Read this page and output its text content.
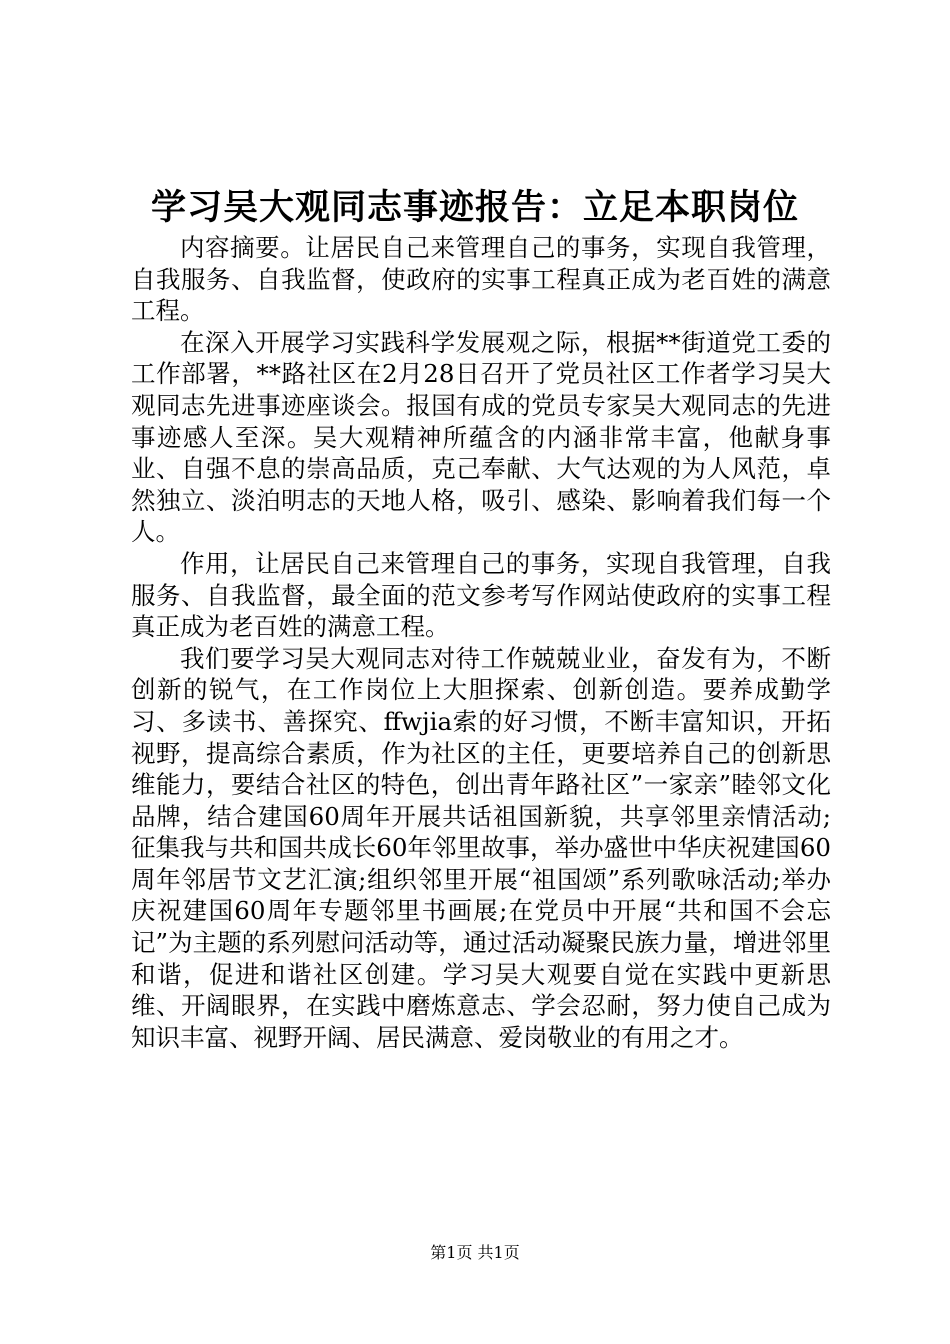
学习吴大观同志事迹报告：立足本职岗位

内容摘要。让居民自己来管理自己的事务，实现自我管理，自我服务、自我监督，使政府的实事工程真正成为老百姓的满意工程。

在深入开展学习实践科学发展观之际，根据**街道党工委的工作部署，**路社区在2月28日召开了党员社区工作者学习吴大观同志先进事迹座谈会。报国有成的党员专家吴大观同志的先进事迹感人至深。吴大观精神所蕴含的内涵非常丰富，他献身事业、自强不息的崇高品质，克己奉献、大气达观的为人风范，卓然独立、淡泊明志的天地人格，吸引、感染、影响着我们每一个人。

作用，让居民自己来管理自己的事务，实现自我管理，自我服务、自我监督，最全面的范文参考写作网站使政府的实事工程真正成为老百姓的满意工程。

我们要学习吴大观同志对待工作兢兢业业，奋发有为，不断创新的锐气，在工作岗位上大胆探索、创新创造。要养成勤学习、多读书、善探究、ffwjia索的好习惯，不断丰富知识，开拓视野，提高综合素质，作为社区的主任，更要培养自己的创新思维能力，要结合社区的特色，创出青年路社区”一家亲”睦邻文化品牌，结合建国60周年开展共话祖国新貌，共享邻里亲情活动;征集我与共和国共成长60年邻里故事，举办盛世中华庆祝建国60周年邻居节文艺汇演;组织邻里开展“祖国颂”系列歌咏活动;举办庆祝建国60周年专题邻里书画展;在党员中开展“共和国不会忘记”为主题的系列慰问活动等，通过活动凝聚民族力量，增进邻里和谐，促进和谐社区创建。学习吴大观要自觉在实践中更新思维、开阔眼界，在实践中磨炼意志、学会忍耐，努力使自己成为知识丰富、视野开阔、居民满意、爱岗敬业的有用之才。

第1页 共1页
